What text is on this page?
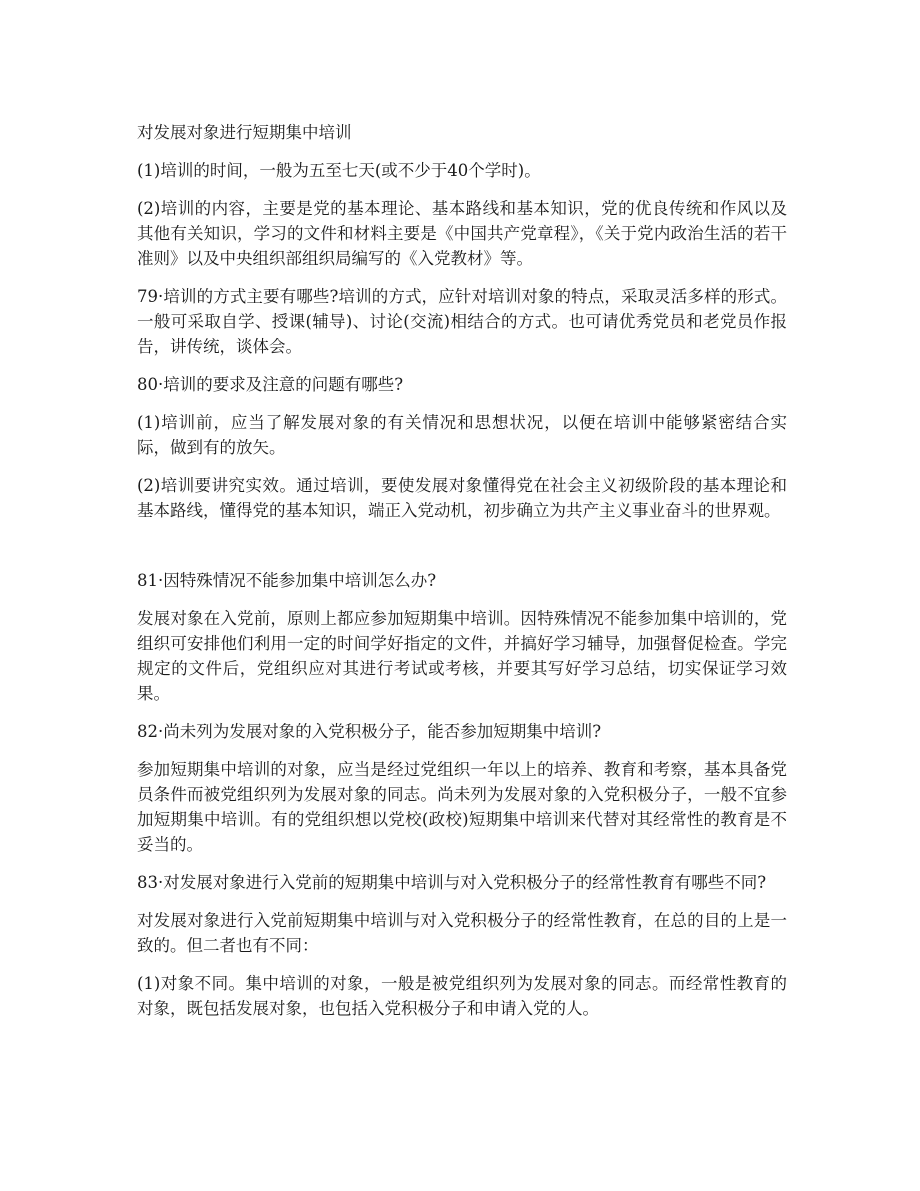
对发展对象进行短期集中培训

(1)培训的时间，一般为五至七天(或不少于40个学时)。

(2)培训的内容，主要是党的基本理论、基本路线和基本知识，党的优良传统和作风以及其他有关知识，学习的文件和材料主要是《中国共产党章程》，《关于党内政治生活的若干准则》以及中央组织部组织局编写的《入党教材》等。

79·培训的方式主要有哪些?培训的方式，应针对培训对象的特点，采取灵活多样的形式。一般可采取自学、授课(辅导)、讨论(交流)相结合的方式。也可请优秀党员和老党员作报告，讲传统，谈体会。

80·培训的要求及注意的问题有哪些?

(1)培训前，应当了解发展对象的有关情况和思想状况，以便在培训中能够紧密结合实际，做到有的放矢。

(2)培训要讲究实效。通过培训，要使发展对象懂得党在社会主义初级阶段的基本理论和基本路线，懂得党的基本知识，端正入党动机，初步确立为共产主义事业奋斗的世界观。

81·因特殊情况不能参加集中培训怎么办?

发展对象在入党前，原则上都应参加短期集中培训。因特殊情况不能参加集中培训的，党组织可安排他们利用一定的时间学好指定的文件，并搞好学习辅导，加强督促检查。学完规定的文件后，党组织应对其进行考试或考核，并要其写好学习总结，切实保证学习效果。

82·尚未列为发展对象的入党积极分子，能否参加短期集中培训?

参加短期集中培训的对象，应当是经过党组织一年以上的培养、教育和考察，基本具备党员条件而被党组织列为发展对象的同志。尚未列为发展对象的入党积极分子，一般不宜参加短期集中培训。有的党组织想以党校(政校)短期集中培训来代替对其经常性的教育是不妥当的。

83·对发展对象进行入党前的短期集中培训与对入党积极分子的经常性教育有哪些不同?

对发展对象进行入党前短期集中培训与对入党积极分子的经常性教育，在总的目的上是一致的。但二者也有不同：

(1)对象不同。集中培训的对象，一般是被党组织列为发展对象的同志。而经常性教育的对象，既包括发展对象，也包括入党积极分子和申请入党的人。
